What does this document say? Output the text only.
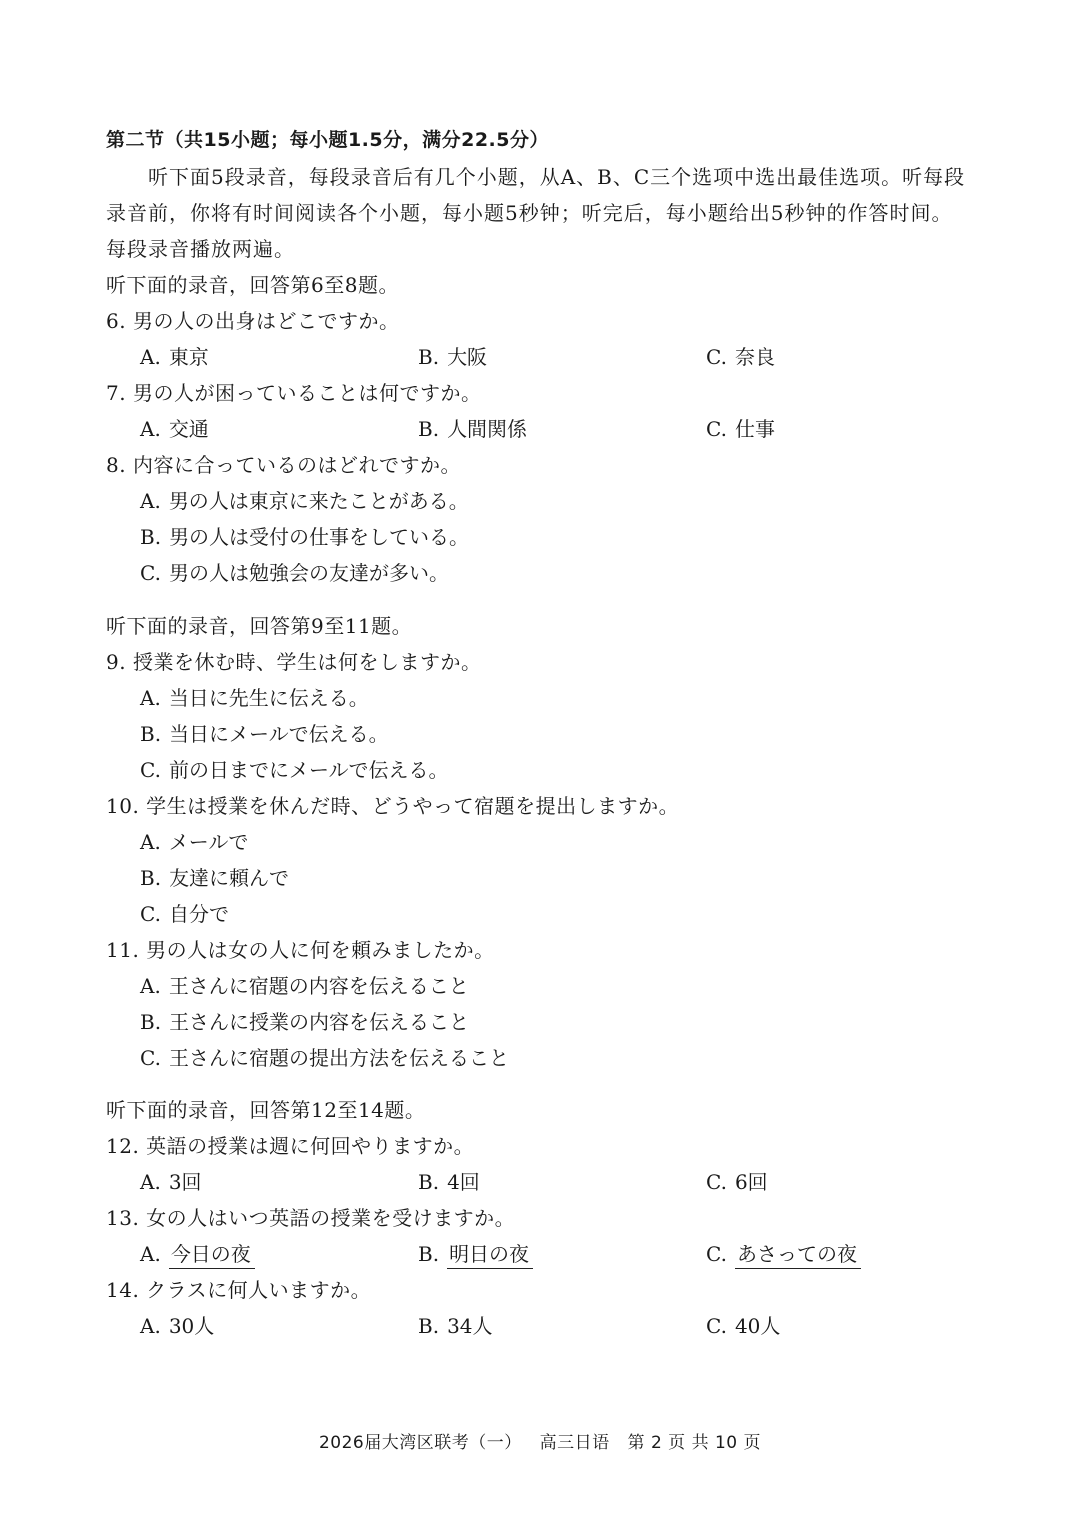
第二节（共15小题；每小题1.5分，满分22.5分）
听下面5段录音，每段录音后有几个小题，从A、B、C三个选项中选出最佳选项。听每段
录音前，你将有时间阅读各个小题，每小题5秒钟；听完后，每小题给出5秒钟的作答时间。
每段录音播放两遍。
听下面的录音，回答第6至8题。
6. 男の人の出身はどこですか。
A. 東京	B. 大阪	C. 奈良
7. 男の人が困っていることは何ですか。
A. 交通	B. 人間関係	C. 仕事
8. 内容に合っているのはどれですか。
A. 男の人は東京に来たことがある。
B. 男の人は受付の仕事をしている。
C. 男の人は勉強会の友達が多い。
听下面的录音，回答第9至11题。
9. 授業を休む時、学生は何をしますか。
A. 当日に先生に伝える。
B. 当日にメールで伝える。
C. 前の日までにメールで伝える。
10. 学生は授業を休んだ時、どうやって宿題を提出しますか。
A. メールで
B. 友達に頼んで
C. 自分で
11. 男の人は女の人に何を頼みましたか。
A. 王さんに宿題の内容を伝えること
B. 王さんに授業の内容を伝えること
C. 王さんに宿題の提出方法を伝えること
听下面的录音，回答第12至14题。
12. 英語の授業は週に何回やりますか。
A. 3回	B. 4回	C. 6回
13. 女の人はいつ英語の授業を受けますか。
A. 今日の夜	B. 明日の夜	C. あさっての夜
14. クラスに何人いますか。
A. 30人	B. 34人	C. 40人
2026届大湾区联考（一） 高三日语 第 2 页 共 10 页
